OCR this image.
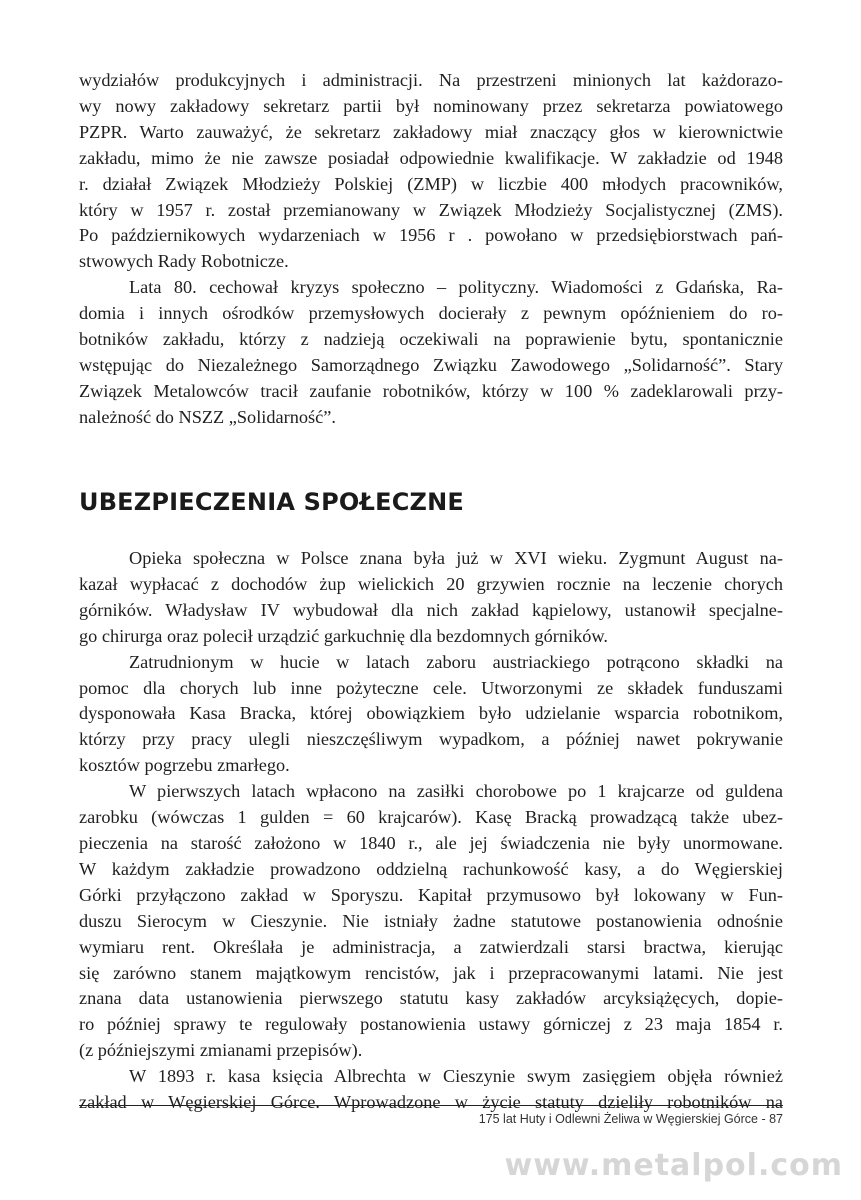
wydziałów produkcyjnych i administracji. Na przestrzeni minionych lat każdorazo-
wy nowy zakładowy sekretarz partii był nominowany przez sekretarza powiatowego
PZPR. Warto zauważyć, że sekretarz zakładowy miał znaczący głos w kierownictwie
zakładu, mimo że nie zawsze posiadał odpowiednie kwalifikacje. W zakładzie od 1948
r. działał Związek Młodzieży Polskiej (ZMP) w liczbie 400 młodych pracowników,
który w 1957 r. został przemianowany w Związek Młodzieży Socjalistycznej (ZMS).
Po październikowych wydarzeniach w 1956 r . powołano w przedsiębiorstwach pań-
stwowych Rady Robotnicze.

Lata 80. cechował kryzys społeczno – polityczny. Wiadomości z Gdańska, Ra-
domia i innych ośrodków przemysłowych docierały z pewnym opóźnieniem do ro-
botników zakładu, którzy z nadzieją oczekiwali na poprawienie bytu, spontanicznie
wstępując do Niezależnego Samorządnego Związku Zawodowego „Solidarność”. Stary
Związek Metalowców tracił zaufanie robotników, którzy w 100 % zadeklarowali przy-
należność do NSZZ „Solidarność”.

UBEZPIECZENIA SPOŁECZNE

Opieka społeczna w Polsce znana była już w XVI wieku. Zygmunt August na-
kazał wypłacać z dochodów żup wielickich 20 grzywien rocznie na leczenie chorych
górników. Władysław IV wybudował dla nich zakład kąpielowy, ustanowił specjalne-
go chirurga oraz polecił urządzić garkuchnię dla bezdomnych górników.

Zatrudnionym w hucie w latach zaboru austriackiego potrącono składki na
pomoc dla chorych lub inne pożyteczne cele. Utworzonymi ze składek funduszami
dysponowała Kasa Bracka, której obowiązkiem było udzielanie wsparcia robotnikom,
którzy przy pracy ulegli nieszczęśliwym wypadkom, a później nawet pokrywanie
kosztów pogrzebu zmarłego.

W pierwszych latach wpłacono na zasiłki chorobowe po 1 krajcarze od guldena
zarobku (wówczas 1 gulden = 60 krajcarów). Kasę Bracką prowadzącą także ubez-
pieczenia na starość założono w 1840 r., ale jej świadczenia nie były unormowane.
W każdym zakładzie prowadzono oddzielną rachunkowość kasy, a do Węgierskiej
Górki przyłączono zakład w Sporyszu. Kapitał przymusowo był lokowany w Fun-
duszu Sierocym w Cieszynie. Nie istniały żadne statutowe postanowienia odnośnie
wymiaru rent. Określała je administracja, a zatwierdzali starsi bractwa, kierując
się zarówno stanem majątkowym rencistów, jak i przepracowanymi latami. Nie jest
znana data ustanowienia pierwszego statutu kasy zakładów arcyksiążęcych, dopie-
ro później sprawy te regulowały postanowienia ustawy górniczej z 23 maja 1854 r.
(z późniejszymi zmianami przepisów).

W 1893 r. kasa księcia Albrechta w Cieszynie swym zasięgiem objęła również
zakład w Węgierskiej Górce. Wprowadzone w życie statuty dzieliły robotników na

175 lat Huty i Odlewni Żeliwa w Węgierskiej Górce - 87
www.metalpol.com
